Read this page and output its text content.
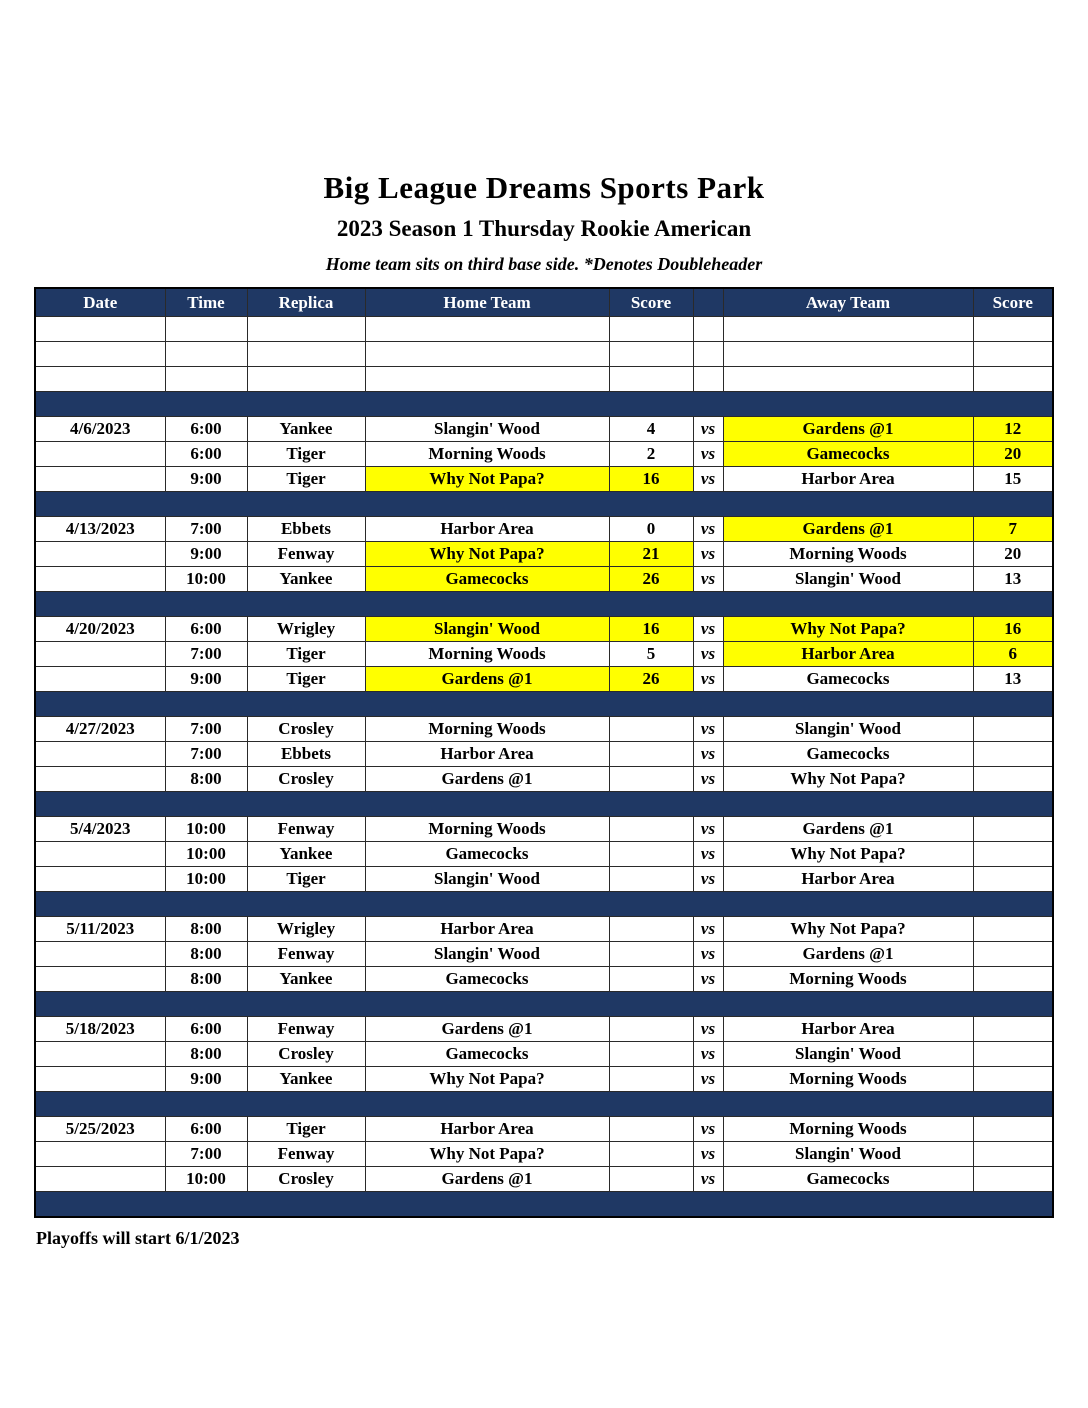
Big League Dreams Sports Park
2023 Season 1 Thursday Rookie American
Home team sits on third base side. *Denotes Doubleheader
Date	Time	Replica	Home Team	Score		Away Team	Score

4/6/2023	6:00	Yankee	Slangin' Wood	4	vs	Gardens @1	12
	6:00	Tiger	Morning Woods	2	vs	Gamecocks	20
	9:00	Tiger	Why Not Papa?	16	vs	Harbor Area	15

4/13/2023	7:00	Ebbets	Harbor Area	0	vs	Gardens @1	7
	9:00	Fenway	Why Not Papa?	21	vs	Morning Woods	20
	10:00	Yankee	Gamecocks	26	vs	Slangin' Wood	13

4/20/2023	6:00	Wrigley	Slangin' Wood	16	vs	Why Not Papa?	16
	7:00	Tiger	Morning Woods	5	vs	Harbor Area	6
	9:00	Tiger	Gardens @1	26	vs	Gamecocks	13

4/27/2023	7:00	Crosley	Morning Woods		vs	Slangin' Wood	
	7:00	Ebbets	Harbor Area		vs	Gamecocks	
	8:00	Crosley	Gardens @1		vs	Why Not Papa?	

5/4/2023	10:00	Fenway	Morning Woods		vs	Gardens @1	
	10:00	Yankee	Gamecocks		vs	Why Not Papa?	
	10:00	Tiger	Slangin' Wood		vs	Harbor Area	

5/11/2023	8:00	Wrigley	Harbor Area		vs	Why Not Papa?	
	8:00	Fenway	Slangin' Wood		vs	Gardens @1	
	8:00	Yankee	Gamecocks		vs	Morning Woods	

5/18/2023	6:00	Fenway	Gardens @1		vs	Harbor Area	
	8:00	Crosley	Gamecocks		vs	Slangin' Wood	
	9:00	Yankee	Why Not Papa?		vs	Morning Woods	

5/25/2023	6:00	Tiger	Harbor Area		vs	Morning Woods	
	7:00	Fenway	Why Not Papa?		vs	Slangin' Wood	
	10:00	Crosley	Gardens @1		vs	Gamecocks	

Playoffs will start 6/1/2023
